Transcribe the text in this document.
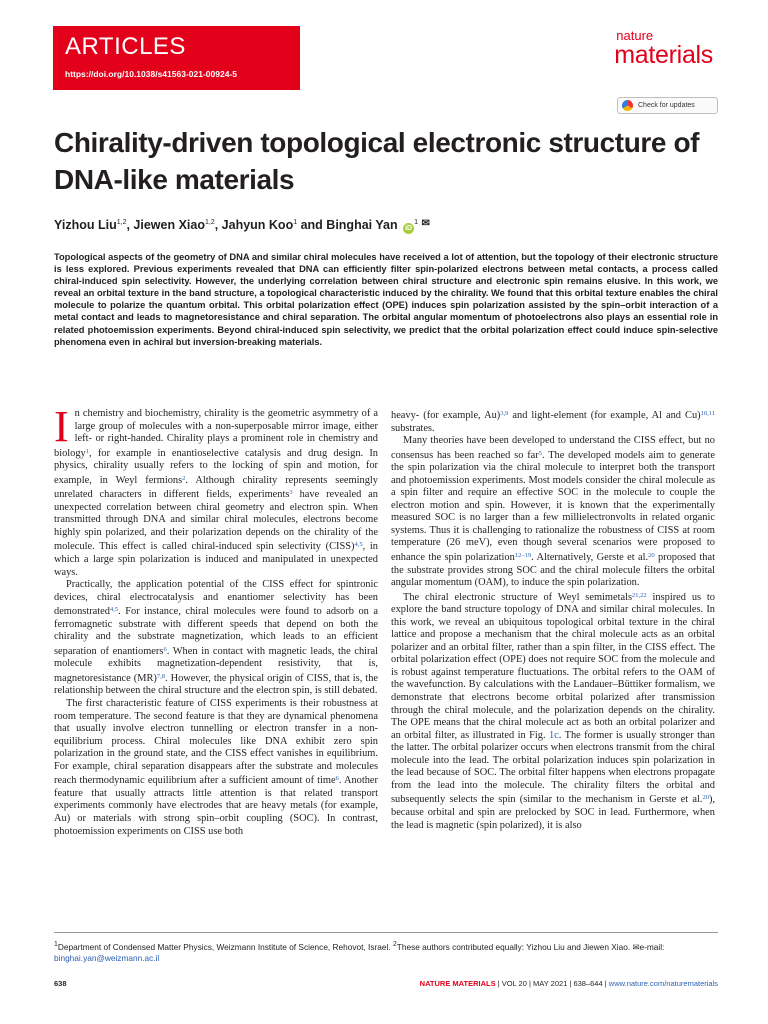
ARTICLES
https://doi.org/10.1038/s41563-021-00924-5
nature
materials
Check for updates
Chirality-driven topological electronic structure of DNA-like materials
Yizhou Liu$^{1,2}$, Jiewen Xiao$^{1,2}$, Jahyun Koo$^1$ and Binghai Yan $iD^1$ ✉

Topological aspects of the geometry of DNA and similar chiral molecules have received a lot of attention, but the topology of their electronic structure is less explored. Previous experiments revealed that DNA can efficiently filter spin-polarized electrons between metal contacts, a process called chiral-induced spin selectivity. However, the underlying correlation between chiral structure and electronic spin remains elusive. In this work, we reveal an orbital texture in the band structure, a topological characteristic induced by the chirality. We found that this orbital texture enables the chiral molecule to polarize the quantum orbital. This orbital polarization effect (OPE) induces spin polarization assisted by the spin–orbit interaction of a metal contact and leads to magnetoresistance and chiral separation. The orbital angular momentum of photoelectrons also plays an essential role in related photoemission experiments. Beyond chiral-induced spin selectivity, we predict that the orbital polarization effect could induce spin-selective phenomena even in achiral but inversion-breaking materials.

In chemistry and biochemistry, chirality is the geometric asymmetry of a large group of molecules with a non-superposable mirror image, either left- or right-handed. Chirality plays a prominent role in chemistry and biology$^1$, for example in enantioselective catalysis and drug design. In physics, chirality usually refers to the locking of spin and motion, for example, in Weyl fermions$^2$. Although chirality represents seemingly unrelated characters in different fields, experiments$^3$ have revealed an unexpected correlation between chiral geometry and electron spin. When transmitted through DNA and similar chiral molecules, electrons become highly spin polarized, and their polarization depends on the chirality of the molecule. This effect is called chiral-induced spin selectivity (CISS)$^{4,5}$, in which a large spin polarization is induced and manipulated in unexpected ways.

Practically, the application potential of the CISS effect for spintronic devices, chiral electrocatalysis and enantiomer selectivity has been demonstrated$^{4,5}$. For instance, chiral molecules were found to adsorb on a ferromagnetic substrate with different speeds that depend on both the chirality and the substrate magnetization, which leads to an efficient separation of enantiomers$^6$. When in contact with magnetic leads, the chiral molecule exhibits magnetization-dependent resistivity, that is, magnetoresistance (MR)$^{7,8}$. However, the physical origin of CISS, that is, the relationship between the chiral structure and the electron spin, is still debated.

The first characteristic feature of CISS experiments is their robustness at room temperature. The second feature is that they are dynamical phenomena that usually involve electron tunnelling or electron transfer in a non-equilibrium process. Chiral molecules like DNA exhibit zero spin polarization in the ground state, and the CISS effect vanishes in equilibrium. For example, chiral separation disappears after the substrate and molecules reach thermodynamic equilibrium after a sufficient amount of time$^6$. Another feature that usually attracts little attention is that related transport experiments commonly have electrodes that are heavy metals (for example, Au) or materials with strong spin–orbit coupling (SOC). In contrast, photoemission experiments on CISS use both

heavy- (for example, Au)$^{3,9}$ and light-element (for example, Al and Cu)$^{10,11}$ substrates.

Many theories have been developed to understand the CISS effect, but no consensus has been reached so far$^5$. The developed models aim to generate the spin polarization via the chiral molecule to interpret both the transport and photoemission experiments. Most models consider the chiral molecule as a spin filter and require an effective SOC in the molecule to couple the electron motion and spin. However, it is known that the experimentally measured SOC is no larger than a few millielectronvolts in related organic systems. Thus it is challenging to rationalize the robustness of CISS at room temperature (26 meV), even though several scenarios were proposed to enhance the spin polarization$^{12-19}$. Alternatively, Gerste et al.$^{20}$ proposed that the substrate provides strong SOC and the chiral molecule filters the orbital angular momentum (OAM), to induce the spin polarization.

The chiral electronic structure of Weyl semimetals$^{21,22}$ inspired us to explore the band structure topology of DNA and similar chiral molecules. In this work, we reveal an ubiquitous topological orbital texture in the chiral lattice and propose a mechanism that the chiral molecule acts as an orbital polarizer and an orbital filter, rather than a spin filter, in the CISS effect. The orbital polarization effect (OPE) does not require SOC from the molecule and is robust against temperature fluctuations. The orbital refers to the OAM of the wavefunction. By calculations with the Landauer–Büttiker formalism, we demonstrate that electrons become orbital polarized after transmission through the chiral molecule, and the polarization depends on the chirality. The OPE means that the chiral molecule act as both an orbital polarizer and an orbital filter, as illustrated in Fig. 1c. The former is usually stronger than the latter. The orbital polarizer occurs when electrons transmit from the chiral molecule into the lead. The orbital polarization induces spin polarization in the lead because of SOC. The orbital filter happens when electrons propagate from the lead into the molecule. The chirality filters the orbital and subsequently selects the spin (similar to the mechanism in Gerste et al.$^{20}$), because orbital and spin are prelocked by SOC in lead. Furthermore, when the lead is magnetic (spin polarized), it is also

$^1$Department of Condensed Matter Physics, Weizmann Institute of Science, Rehovot, Israel. $^2$These authors contributed equally: Yizhou Liu and Jiewen Xiao. ✉e-mail: binghai.yan@weizmann.ac.il
638	NATURE MATERIALS | VOL 20 | MAY 2021 | 638–644 | www.nature.com/naturematerials
